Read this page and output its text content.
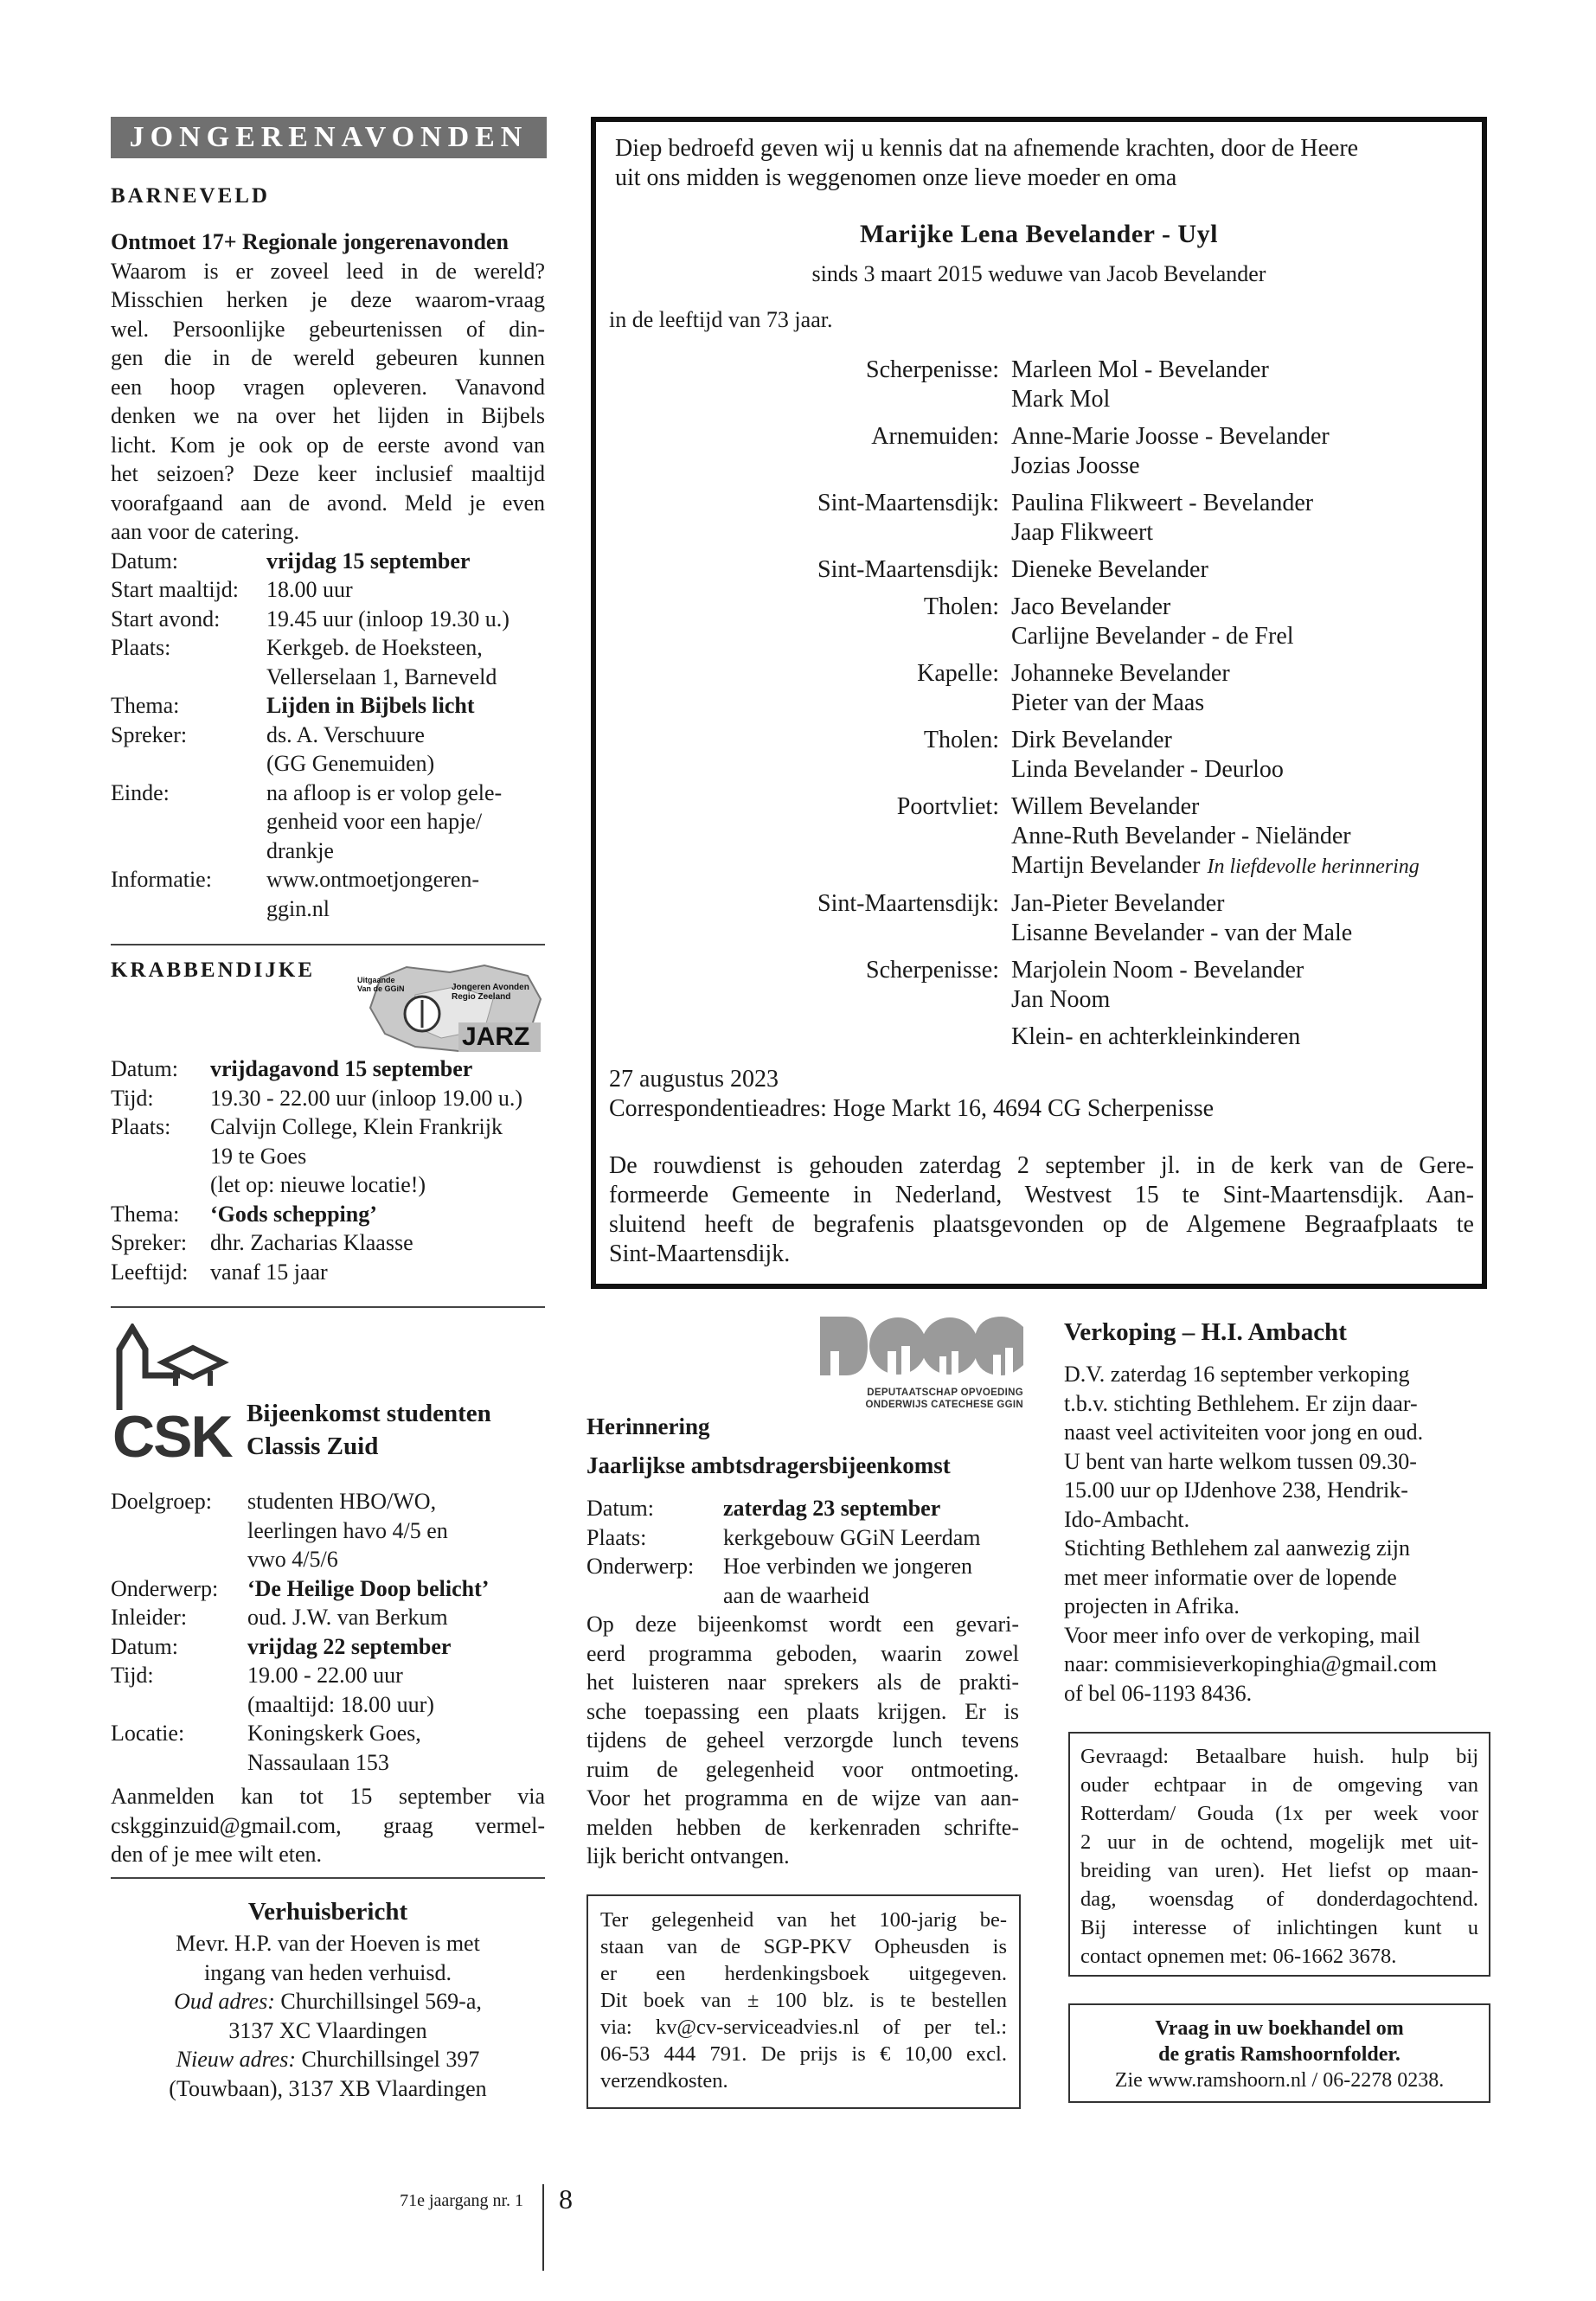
JONGERENAVONDEN
BARNEVELD
Ontmoet 17+ Regionale jongerenavonden
Waarom is er zoveel leed in de wereld?
Misschien herken je deze waarom-vraag
wel. Persoonlijke gebeurtenissen of din-
gen die in de wereld gebeuren kunnen
een hoop vragen opleveren. Vanavond
denken we na over het lijden in Bijbels
licht. Kom je ook op de eerste avond van
het seizoen? Deze keer inclusief maaltijd
voorafgaand aan de avond. Meld je even
aan voor de catering.
Datum:	vrijdag 15 september
Start maaltijd:	18.00 uur
Start avond:	19.45 uur (inloop 19.30 u.)
Plaats:	Kerkgeb. de Hoeksteen,
Vellerselaan 1, Barneveld
Thema:	Lijden in Bijbels licht
Spreker:	ds. A. Verschuure
(GG Genemuiden)
Einde:	na afloop is er volop gele-
genheid voor een hapje/
drankje
Informatie:	www.ontmoetjongeren-
ggin.nl
KRABBENDIJKE	Uitgaande Van de GGiN	Jongeren Avonden Regio Zeeland
JARZ
Datum:	vrijdagavond 15 september
Tijd:	19.30 - 22.00 uur (inloop 19.00 u.)
Plaats:	Calvijn College, Klein Frankrijk
19 te Goes
(let op: nieuwe locatie!)
Thema:	‘Gods schepping’
Spreker:	dhr. Zacharias Klaasse
Leeftijd: vanaf 15 jaar
CSK Bijeenkomst studenten
Classis Zuid
Doelgroep:	studenten HBO/WO,
leerlingen havo 4/5 en
vwo 4/5/6
Onderwerp:	‘De Heilige Doop belicht’
Inleider:	oud. J.W. van Berkum
Datum:	vrijdag 22 september
Tijd:	19.00 - 22.00 uur
(maaltijd: 18.00 uur)
Locatie:	Koningskerk Goes,
Nassaulaan 153
Aanmelden kan tot 15 september via
cskgginzuid@gmail.com, graag vermel-
den of je mee wilt eten.
Verhuisbericht
Mevr. H.P. van der Hoeven is met
ingang van heden verhuisd.
Oud adres: Churchillsingel 569-a,
3137 XC Vlaardingen
Nieuw adres: Churchillsingel 397
(Touwbaan), 3137 XB Vlaardingen
Diep bedroefd geven wij u kennis dat na afnemende krachten, door de Heere
uit ons midden is weggenomen onze lieve moeder en oma
Marijke Lena Bevelander - Uyl
sinds 3 maart 2015 weduwe van Jacob Bevelander
in de leeftijd van 73 jaar.
Scherpenisse: Marleen Mol - Bevelander
Mark Mol
Arnemuiden: Anne-Marie Joosse - Bevelander
Jozias Joosse
Sint-Maartensdijk: Paulina Flikweert - Bevelander
Jaap Flikweert
Sint-Maartensdijk: Dieneke Bevelander
Tholen: Jaco Bevelander
Carlijne Bevelander - de Frel
Kapelle: Johanneke Bevelander
Pieter van der Maas
Tholen: Dirk Bevelander
Linda Bevelander - Deurloo
Poortvliet: Willem Bevelander
Anne-Ruth Bevelander - Nieländer
Martijn Bevelander In liefdevolle herinnering
Sint-Maartensdijk: Jan-Pieter Bevelander
Lisanne Bevelander - van der Male
Scherpenisse: Marjolein Noom - Bevelander
Jan Noom
Klein- en achterkleinkinderen
27 augustus 2023
Correspondentieadres: Hoge Markt 16, 4694 CG Scherpenisse
De rouwdienst is gehouden zaterdag 2 september jl. in de kerk van de Gere-
formeerde Gemeente in Nederland, Westvest 15 te Sint-Maartensdijk. Aan-
sluitend heeft de begrafenis plaatsgevonden op de Algemene Begraafplaats te
Sint-Maartensdijk.
DEPUTAATSCHAP OPVOEDING
ONDERWIJS CATECHESE GGIN
Herinnering
Jaarlijkse ambtsdragersbijeenkomst
Datum:	zaterdag 23 september
Plaats:	kerkgebouw GGiN Leerdam
Onderwerp:	Hoe verbinden we jongeren
aan de waarheid
Op deze bijeenkomst wordt een gevari-
eerd programma geboden, waarin zowel
het luisteren naar sprekers als de prakti-
sche toepassing een plaats krijgen. Er is
tijdens de geheel verzorgde lunch tevens
ruim de gelegenheid voor ontmoeting.
Voor het programma en de wijze van aan-
melden hebben de kerkenraden schrifte-
lijk bericht ontvangen.
Ter gelegenheid van het 100-jarig be-
staan van de SGP-PKV Opheusden is
er een herdenkingsboek uitgegeven.
Dit boek van ± 100 blz. is te bestellen
via: kv@cv-serviceadvies.nl of per tel.:
06-53 444 791. De prijs is € 10,00 excl.
verzendkosten.
Verkoping – H.I. Ambacht
D.V. zaterdag 16 september verkoping
t.b.v. stichting Bethlehem. Er zijn daar-
naast veel activiteiten voor jong en oud.
U bent van harte welkom tussen 09.30-
15.00 uur op IJdenhove 238, Hendrik-
Ido-Ambacht.
Stichting Bethlehem zal aanwezig zijn
met meer informatie over de lopende
projecten in Afrika.
Voor meer info over de verkoping, mail
naar: commisieverkopinghia@gmail.com
of bel 06-1193 8436.
Gevraagd: Betaalbare huish. hulp bij
ouder echtpaar in de omgeving van
Rotterdam/ Gouda (1x per week voor
2 uur in de ochtend, mogelijk met uit-
breiding van uren). Het liefst op maan-
dag, woensdag of donderdagochtend.
Bij interesse of inlichtingen kunt u
contact opnemen met: 06-1662 3678.
Vraag in uw boekhandel om
de gratis Ramshoornfolder.
Zie www.ramshoorn.nl / 06-2278 0238.
71e jaargang nr. 1 8
